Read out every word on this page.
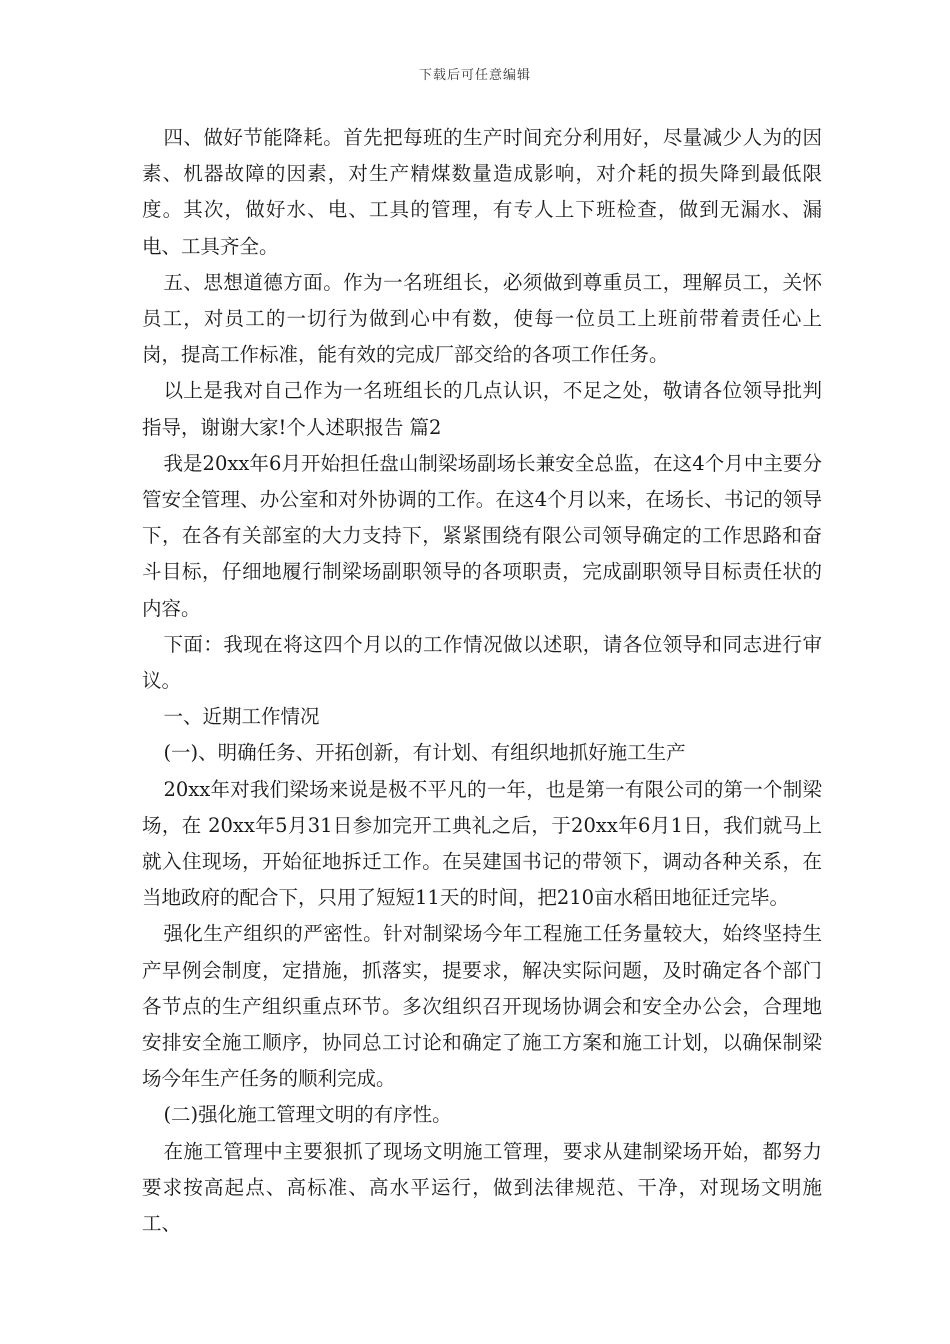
下载后可任意编辑

四、做好节能降耗。首先把每班的生产时间充分利用好，尽量减少人为的因素、机器故障的因素，对生产精煤数量造成影响，对介耗的损失降到最低限度。其次，做好水、电、工具的管理，有专人上下班检查，做到无漏水、漏电、工具齐全。

五、思想道德方面。作为一名班组长，必须做到尊重员工，理解员工，关怀员工，对员工的一切行为做到心中有数，使每一位员工上班前带着责任心上岗，提高工作标准，能有效的完成厂部交给的各项工作任务。

以上是我对自己作为一名班组长的几点认识，不足之处，敬请各位领导批判指导，谢谢大家!个人述职报告 篇2

我是20xx年6月开始担任盘山制梁场副场长兼安全总监，在这4个月中主要分管安全管理、办公室和对外协调的工作。在这4个月以来，在场长、书记的领导下，在各有关部室的大力支持下，紧紧围绕有限公司领导确定的工作思路和奋斗目标，仔细地履行制梁场副职领导的各项职责，完成副职领导目标责任状的内容。

下面：我现在将这四个月以的工作情况做以述职，请各位领导和同志进行审议。

一、近期工作情况

(一)、明确任务、开拓创新，有计划、有组织地抓好施工生产

20xx年对我们梁场来说是极不平凡的一年，也是第一有限公司的第一个制梁场，在 20xx年5月31日参加完开工典礼之后，于20xx年6月1日，我们就马上就入住现场，开始征地拆迁工作。在吴建国书记的带领下，调动各种关系，在当地政府的配合下，只用了短短11天的时间，把210亩水稻田地征迁完毕。

强化生产组织的严密性。针对制梁场今年工程施工任务量较大，始终坚持生产早例会制度，定措施，抓落实，提要求，解决实际问题，及时确定各个部门各节点的生产组织重点环节。多次组织召开现场协调会和安全办公会，合理地安排安全施工顺序，协同总工讨论和确定了施工方案和施工计划，以确保制梁场今年生产任务的顺利完成。

(二)强化施工管理文明的有序性。

在施工管理中主要狠抓了现场文明施工管理，要求从建制梁场开始，都努力要求按高起点、高标准、高水平运行，做到法律规范、干净，对现场文明施工、
